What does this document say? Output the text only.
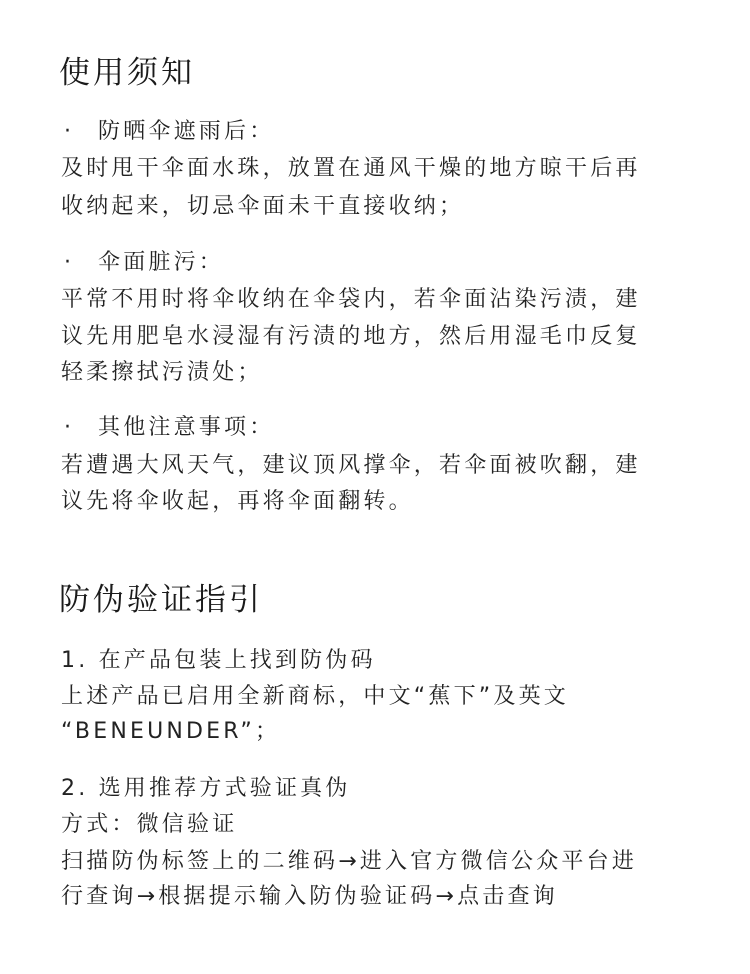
使用须知

· 防晒伞遮雨后：

及时甩干伞面水珠，放置在通风干燥的地方晾干后再

收纳起来，切忌伞面未干直接收纳；

· 伞面脏污：

平常不用时将伞收纳在伞袋内，若伞面沾染污渍，建

议先用肥皂水浸湿有污渍的地方，然后用湿毛巾反复

轻柔擦拭污渍处；

· 其他注意事项：

若遭遇大风天气，建议顶风撑伞，若伞面被吹翻，建

议先将伞收起，再将伞面翻转。

防伪验证指引

1. 在产品包装上找到防伪码

上述产品已启用全新商标，中文“蕉下”及英文

“BENEUNDER”；

2. 选用推荐方式验证真伪

方式：微信验证

扫描防伪标签上的二维码→进入官方微信公众平台进

行查询→根据提示输入防伪验证码→点击查询
